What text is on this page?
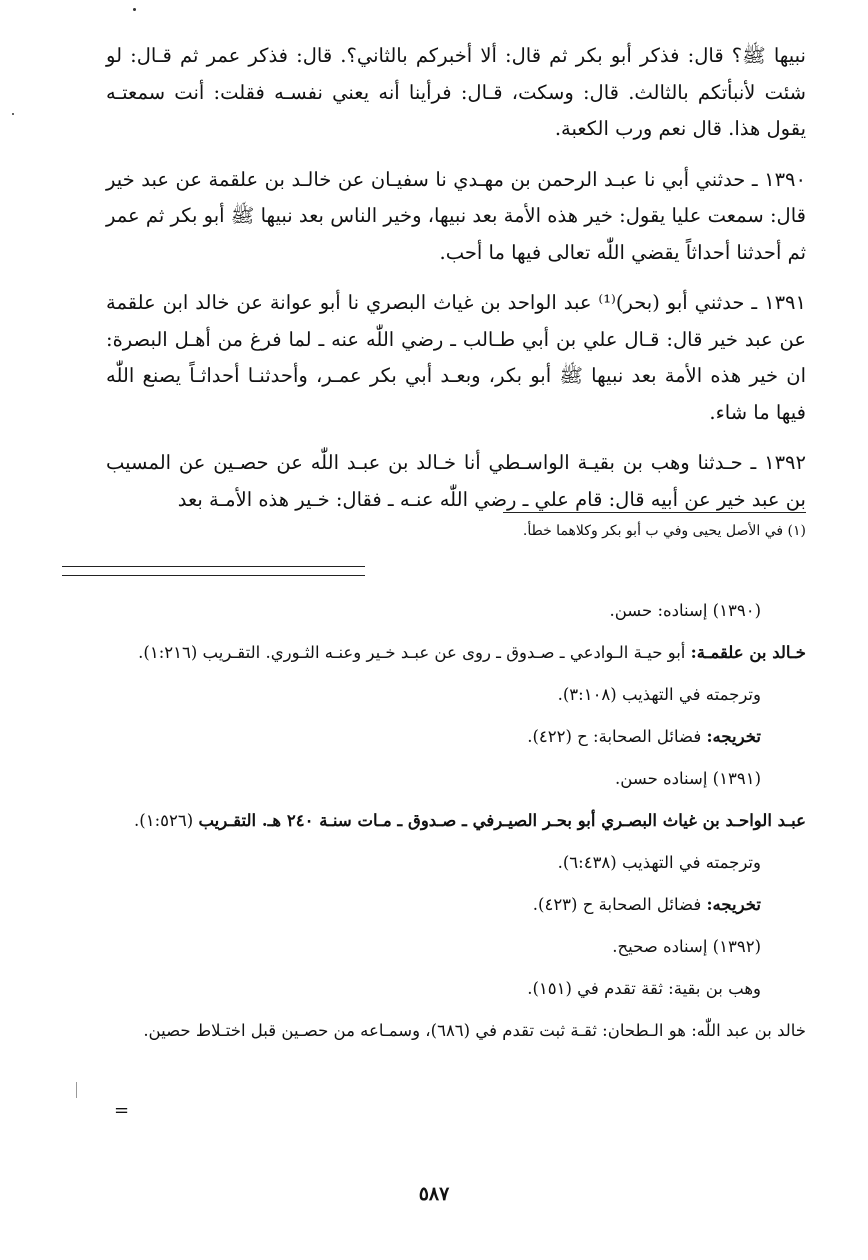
نبيها ﷺ؟ قال: فذكر أبو بكر ثم قال: ألا أخبركم بالثاني؟. قال: فذكر عمر ثم قـال: لو شئت لأنبأتكم بالثالث. قال: وسكت، قـال: فرأينا أنه يعني نفسـه فقلت: أنت سمعتـه يقول هذا. قال نعم ورب الكعبة.

١٣٩٠ ـ حدثني أبي نا عبـد الرحمن بن مهـدي نا سفيـان عن خالـد بن علقمة عن عبد خير قال: سمعت عليا يقول: خير هذه الأمة بعد نبيها، وخير الناس بعد نبيها ﷺ أبو بكر ثم عمر ثم أحدثنا أحداثاً يقضي اللّٰه تعالى فيها ما أحب.

١٣٩١ ـ حدثني أبو (بحر)⁽¹⁾ عبد الواحد بن غياث البصري نا أبو عوانة عن خالد ابن علقمة عن عبد خير قال: قـال علي بن أبي طـالب ـ رضي اللّٰه عنه ـ لما فرغ من أهـل البصرة: ان خير هذه الأمة بعد نبيها ﷺ أبو بكر، وبعـد أبي بكر عمـر، وأحدثنـا أحداثـاً يصنع اللّٰه فيها ما شاء.

١٣٩٢ ـ حـدثنا وهب بن بقيـة الواسـطي أنا خـالد بن عبـد اللّٰه عن حصـين عن المسيب بن عبد خير عن أبيه قال: قام علي ـ رضي اللّٰه عنـه ـ فقال: خـير هذه الأمـة بعد

(١) في الأصل يحيى وفي ب أبو بكر وكلاهما خطأ.

(١٣٩٠) إسناده: حسن.

خـالد بن علقمـة: أبو حيـة الـوادعي ـ صـدوق ـ روى عن عبـد خـير وعنـه الثـوري. التقـريب (١:٢١٦).

وترجمته في التهذيب (٣:١٠٨).

تخريجه: فضائل الصحابة: ح (٤٢٢).

(١٣٩١) إسناده حسن.

عبـد الواحـد بن غياث البصـري أبو بحـر الصيـرفي ـ صـدوق ـ مـات سنـة ٢٤٠ هـ. التقـريب (١:٥٢٦).

وترجمته في التهذيب (٦:٤٣٨).

تخريجه: فضائل الصحابة ح (٤٢٣).

(١٣٩٢) إسناده صحيح.

وهب بن بقية: ثقة تقدم في (١٥١).

خالد بن عبد اللّٰه: هو الـطحان: ثقـة ثبت تقدم في (٦٨٦)، وسمـاعه من حصـين قبل اختـلاط حصين.

=
٥٨٧
